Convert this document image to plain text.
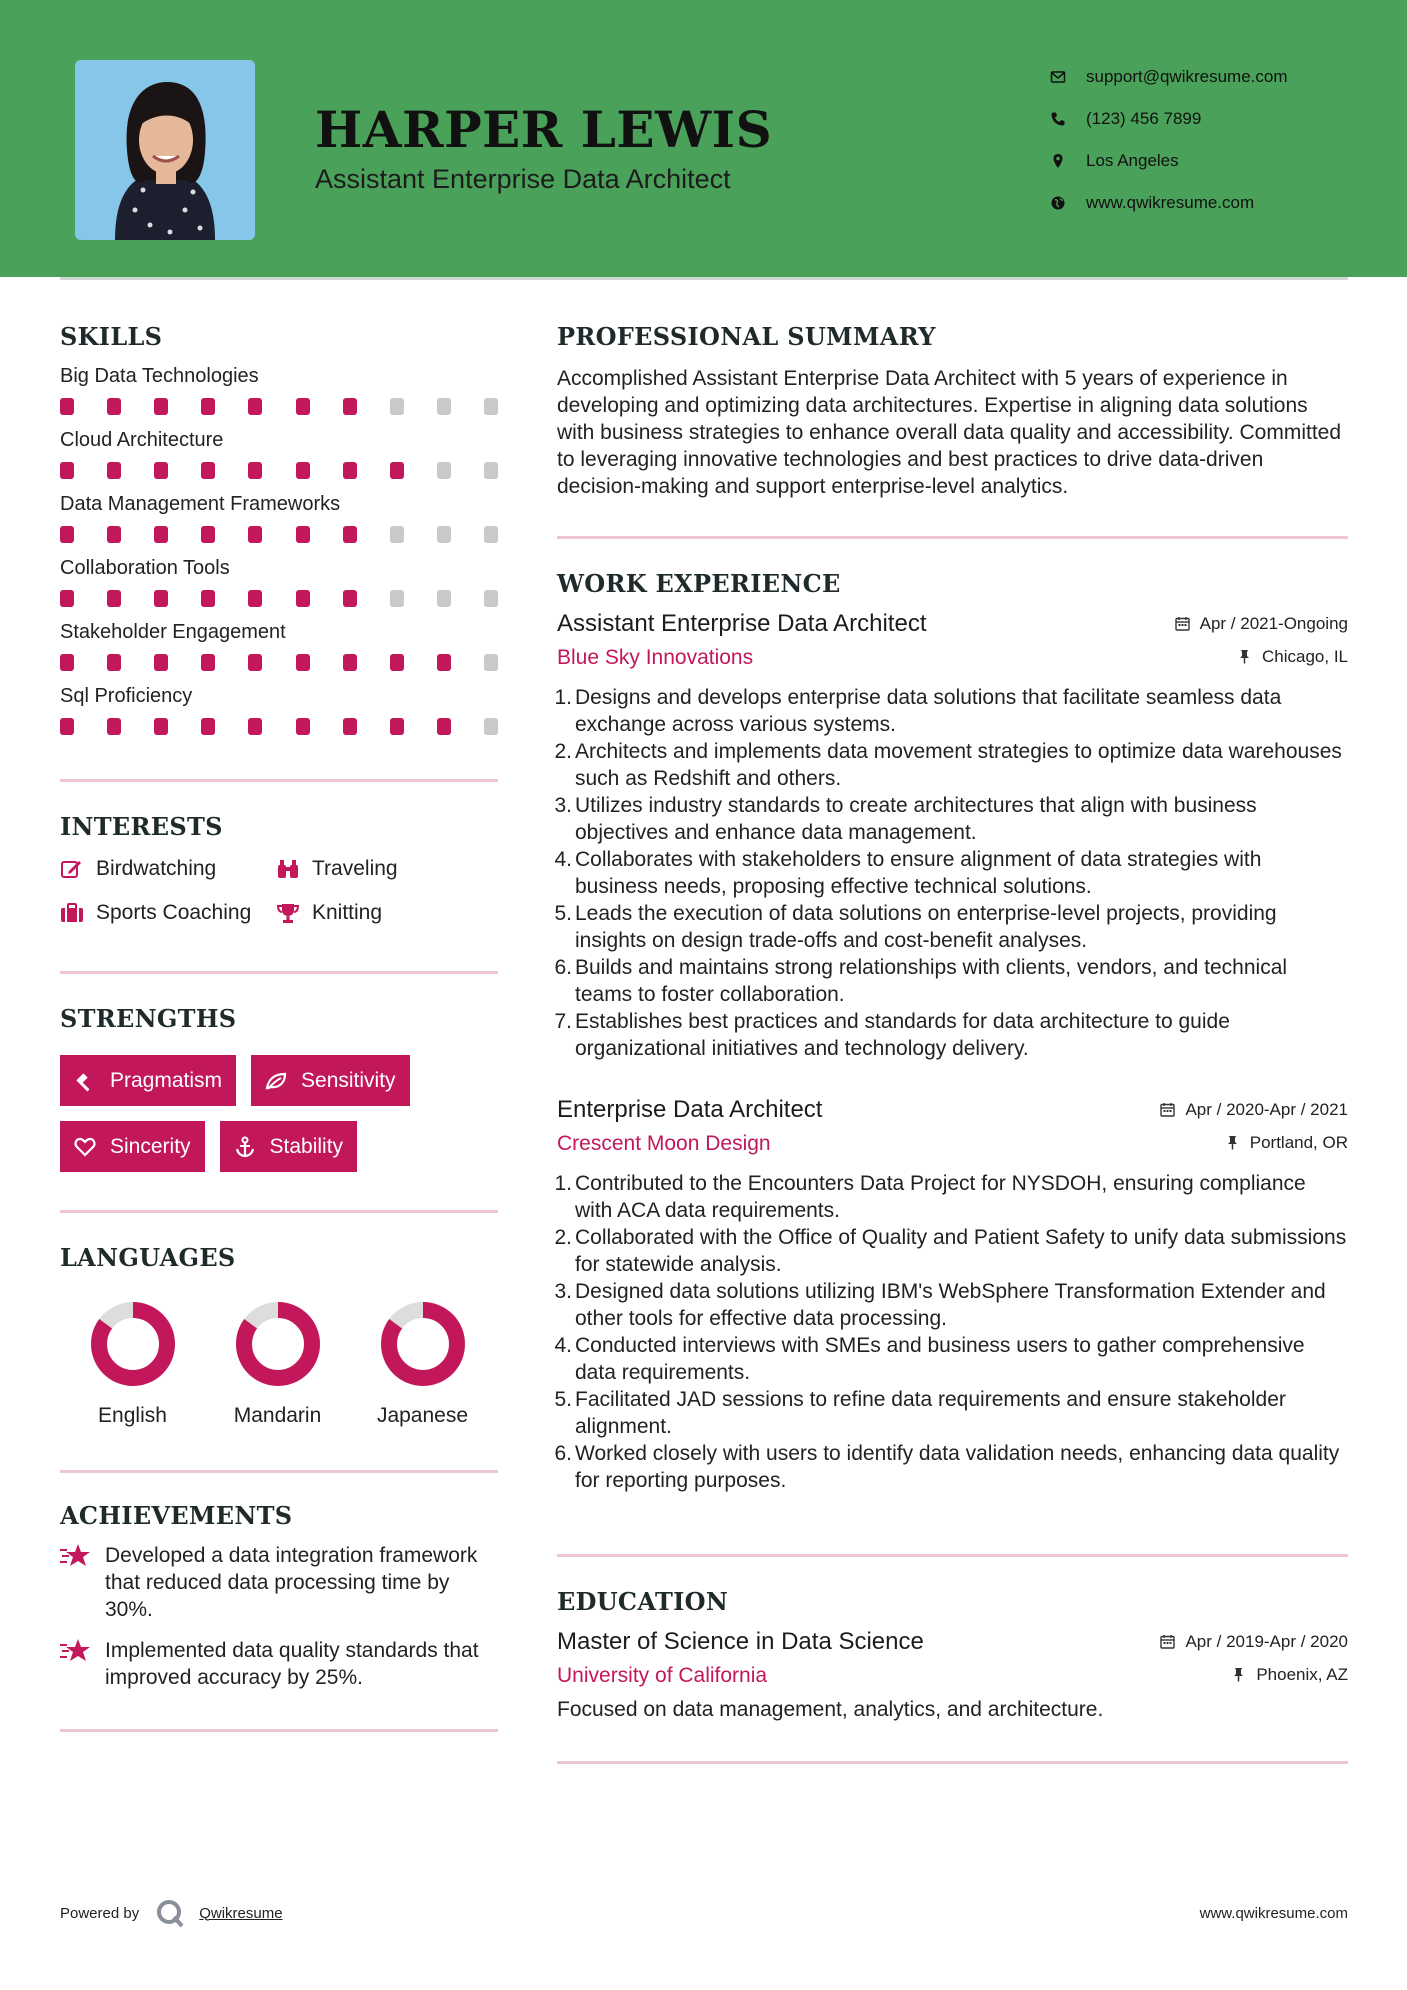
HARPER LEWIS
Assistant Enterprise Data Architect
support@qwikresume.com
(123) 456 7899
Los Angeles
www.qwikresume.com
SKILLS
Big Data Technologies
Cloud Architecture
Data Management Frameworks
Collaboration Tools
Stakeholder Engagement
Sql Proficiency
INTERESTS
Birdwatching	Traveling
Sports Coaching	Knitting
STRENGTHS
Pragmatism	Sensitivity
Sincerity	Stability
LANGUAGES
English	Mandarin	Japanese
ACHIEVEMENTS
Developed a data integration framework that reduced data processing time by 30%.
Implemented data quality standards that improved accuracy by 25%.
PROFESSIONAL SUMMARY
Accomplished Assistant Enterprise Data Architect with 5 years of experience in developing and optimizing data architectures. Expertise in aligning data solutions with business strategies to enhance overall data quality and accessibility. Committed to leveraging innovative technologies and best practices to drive data-driven decision-making and support enterprise-level analytics.
WORK EXPERIENCE
Assistant Enterprise Data Architect	Apr / 2021-Ongoing
Blue Sky Innovations	Chicago, IL
1. Designs and develops enterprise data solutions that facilitate seamless data exchange across various systems.
2. Architects and implements data movement strategies to optimize data warehouses such as Redshift and others.
3. Utilizes industry standards to create architectures that align with business objectives and enhance data management.
4. Collaborates with stakeholders to ensure alignment of data strategies with business needs, proposing effective technical solutions.
5. Leads the execution of data solutions on enterprise-level projects, providing insights on design trade-offs and cost-benefit analyses.
6. Builds and maintains strong relationships with clients, vendors, and technical teams to foster collaboration.
7. Establishes best practices and standards for data architecture to guide organizational initiatives and technology delivery.
Enterprise Data Architect	Apr / 2020-Apr / 2021
Crescent Moon Design	Portland, OR
1. Contributed to the Encounters Data Project for NYSDOH, ensuring compliance with ACA data requirements.
2. Collaborated with the Office of Quality and Patient Safety to unify data submissions for statewide analysis.
3. Designed data solutions utilizing IBM's WebSphere Transformation Extender and other tools for effective data processing.
4. Conducted interviews with SMEs and business users to gather comprehensive data requirements.
5. Facilitated JAD sessions to refine data requirements and ensure stakeholder alignment.
6. Worked closely with users to identify data validation needs, enhancing data quality for reporting purposes.
EDUCATION
Master of Science in Data Science	Apr / 2019-Apr / 2020
University of California	Phoenix, AZ
Focused on data management, analytics, and architecture.
Powered by	Qwikresume	www.qwikresume.com
